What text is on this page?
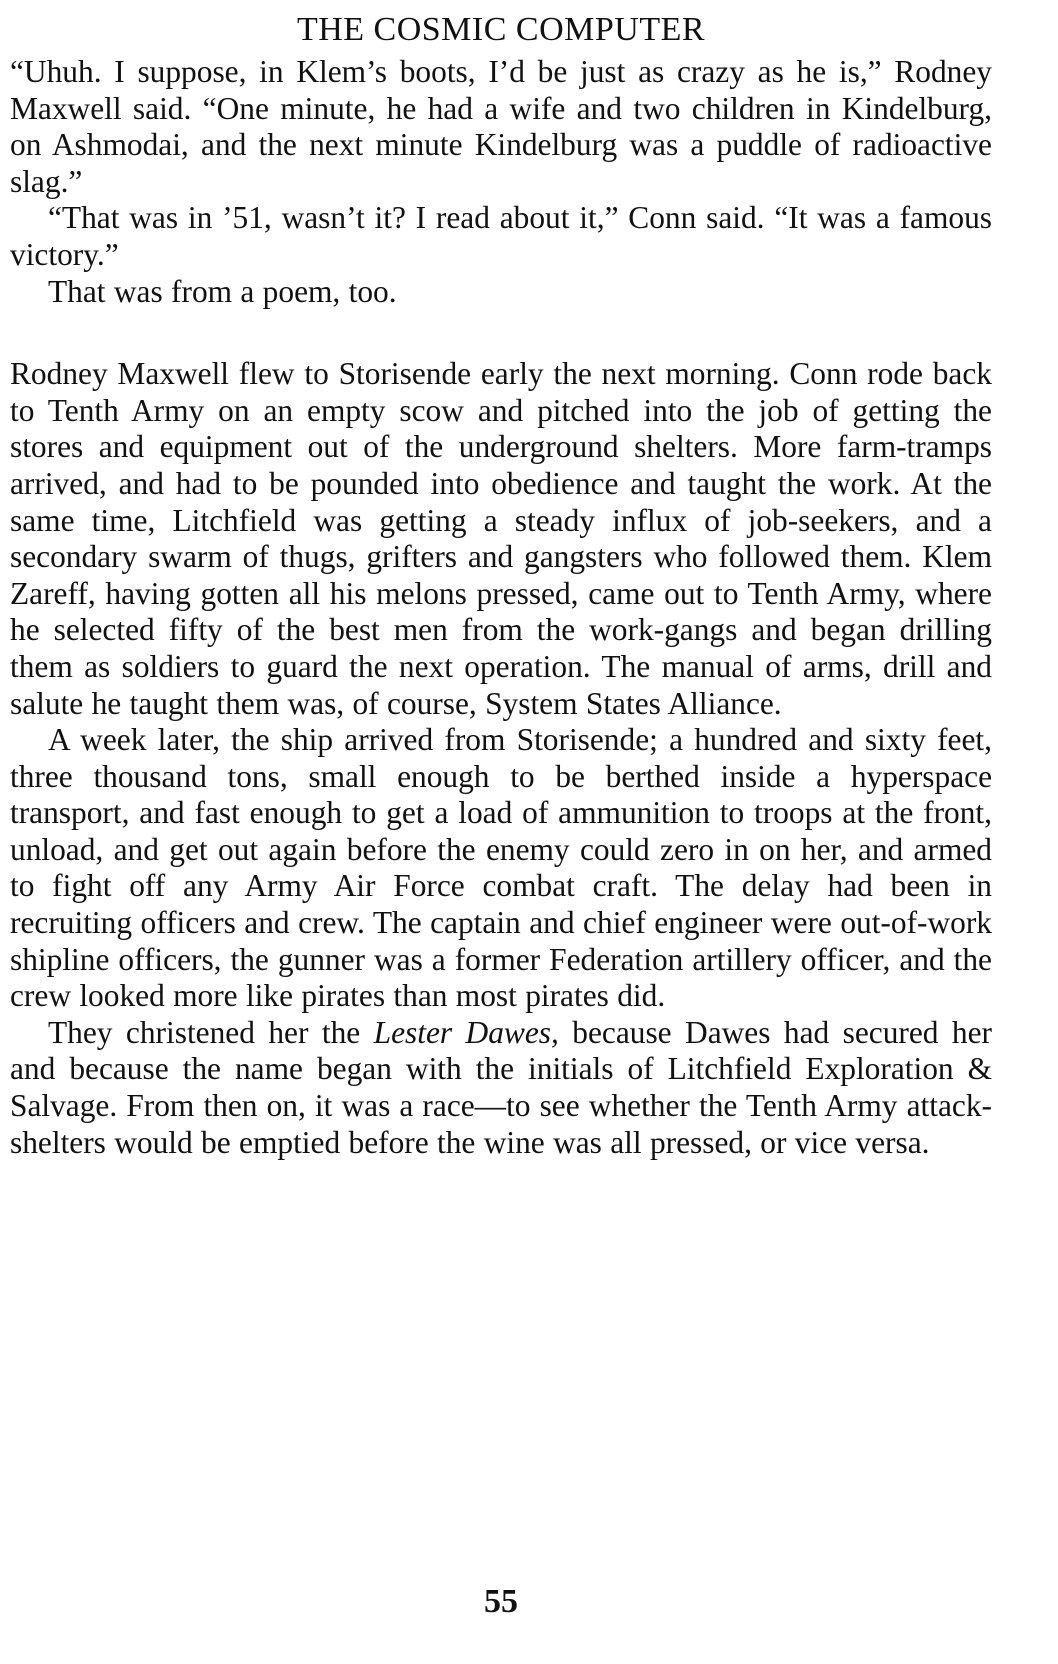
THE COSMIC COMPUTER

“Uhuh. I suppose, in Klem’s boots, I’d be just as crazy as he is,” Rodney Maxwell said. “One minute, he had a wife and two children in Kindelburg, on Ashmodai, and the next minute Kindelburg was a puddle of radioactive slag.”

“That was in ’51, wasn’t it? I read about it,” Conn said. “It was a famous victory.”

That was from a poem, too.

Rodney Maxwell flew to Storisende early the next morning. Conn rode back to Tenth Army on an empty scow and pitched into the job of getting the stores and equipment out of the underground shelters. More farm-tramps arrived, and had to be pounded into obedience and taught the work. At the same time, Litchfield was getting a steady influx of job-seekers, and a secondary swarm of thugs, grifters and gangsters who followed them. Klem Zareff, having gotten all his melons pressed, came out to Tenth Army, where he selected fifty of the best men from the work-gangs and began drilling them as soldiers to guard the next operation. The manual of arms, drill and salute he taught them was, of course, System States Alliance.

A week later, the ship arrived from Storisende; a hundred and sixty feet, three thousand tons, small enough to be berthed inside a hyperspace transport, and fast enough to get a load of ammunition to troops at the front, unload, and get out again before the enemy could zero in on her, and armed to fight off any Army Air Force combat craft. The delay had been in recruiting officers and crew. The captain and chief engineer were out-of-work shipline officers, the gunner was a former Federation artillery officer, and the crew looked more like pirates than most pirates did.

They christened her the Lester Dawes, because Dawes had secured her and because the name began with the initials of Litchfield Exploration & Salvage. From then on, it was a race—to see whether the Tenth Army attack-shelters would be emptied before the wine was all pressed, or vice versa.

55
